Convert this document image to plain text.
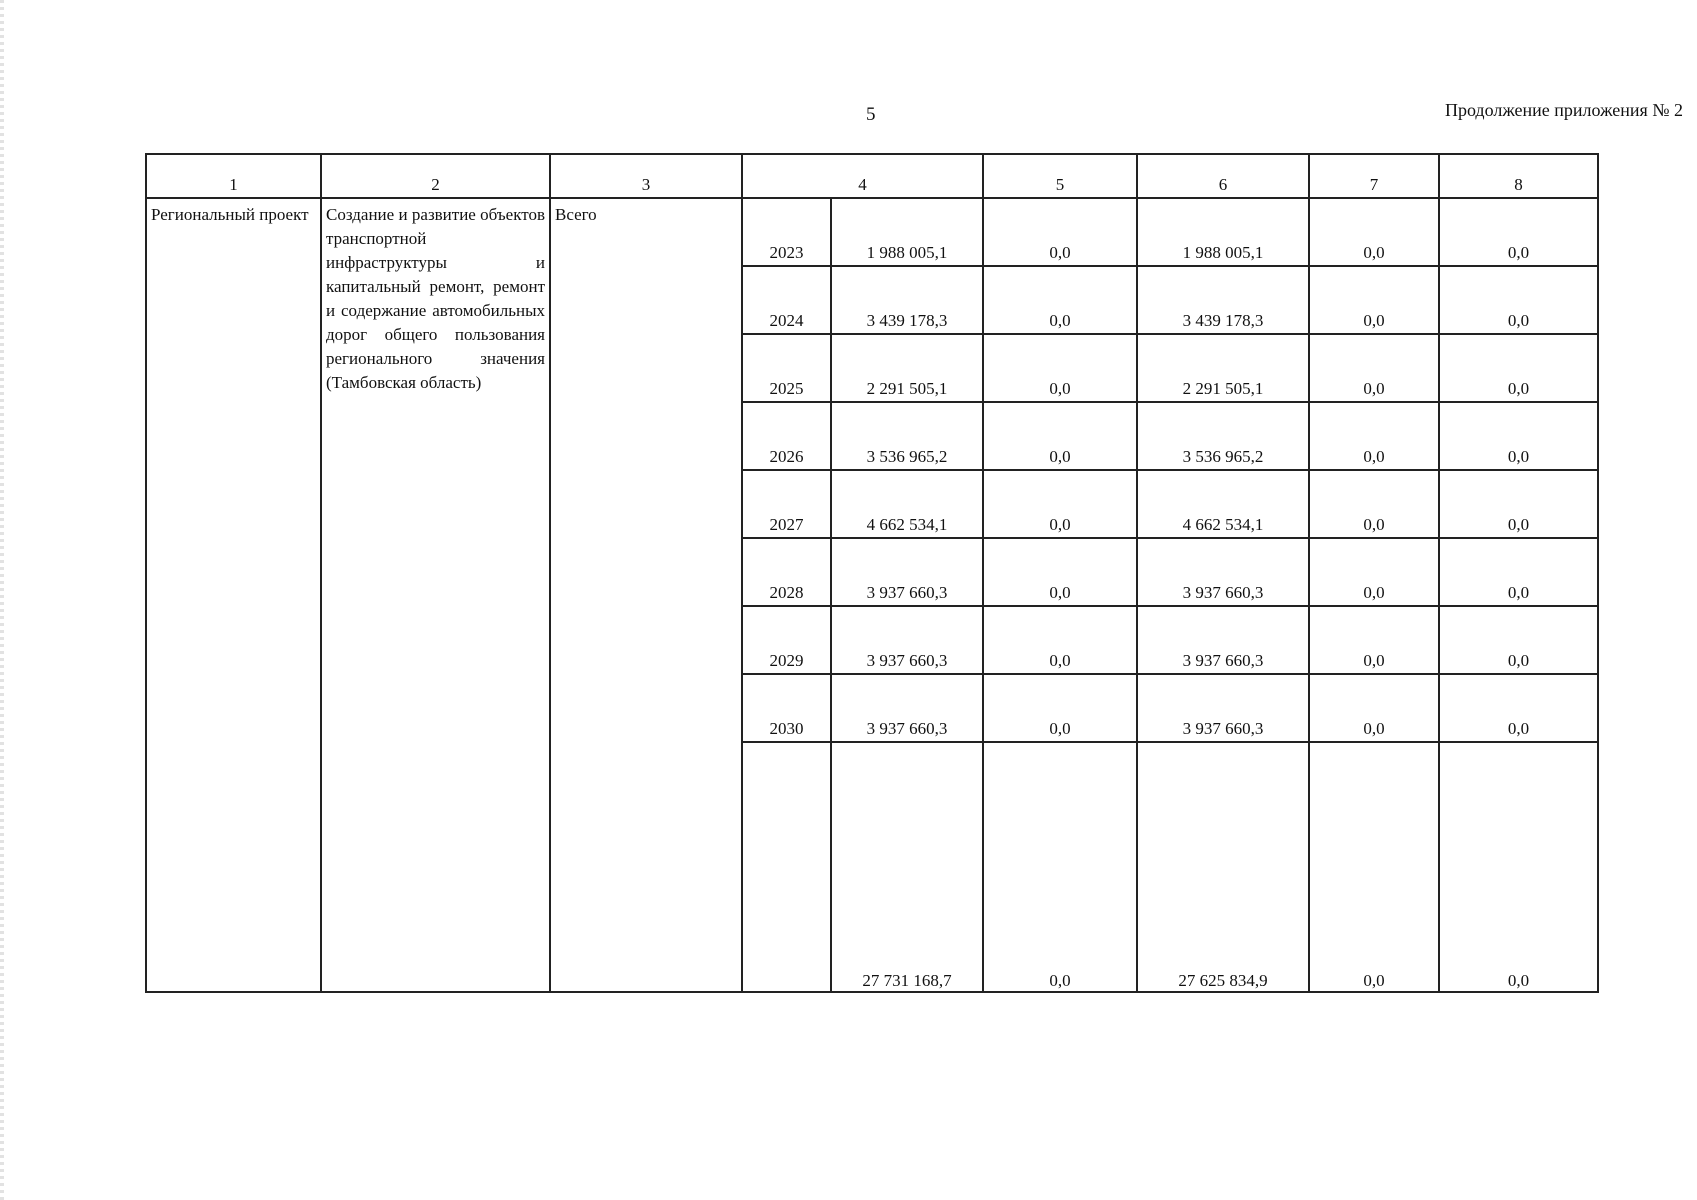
5	Продолжение приложения № 2
1	2	3	4		5	6	7	8
Региональный проект	Создание и развитие объектов транспортной инфраструктуры и капитальный ремонт, ремонт и содержание автомобильных дорог общего пользования регионального значения (Тамбовская область)	Всего	2023	1 988 005,1	0,0	1 988 005,1	0,0	0,0
			2024	3 439 178,3	0,0	3 439 178,3	0,0	0,0
			2025	2 291 505,1	0,0	2 291 505,1	0,0	0,0
			2026	3 536 965,2	0,0	3 536 965,2	0,0	0,0
			2027	4 662 534,1	0,0	4 662 534,1	0,0	0,0
			2028	3 937 660,3	0,0	3 937 660,3	0,0	0,0
			2029	3 937 660,3	0,0	3 937 660,3	0,0	0,0
			2030	3 937 660,3	0,0	3 937 660,3	0,0	0,0
				27 731 168,7	0,0	27 625 834,9	0,0	0,0
